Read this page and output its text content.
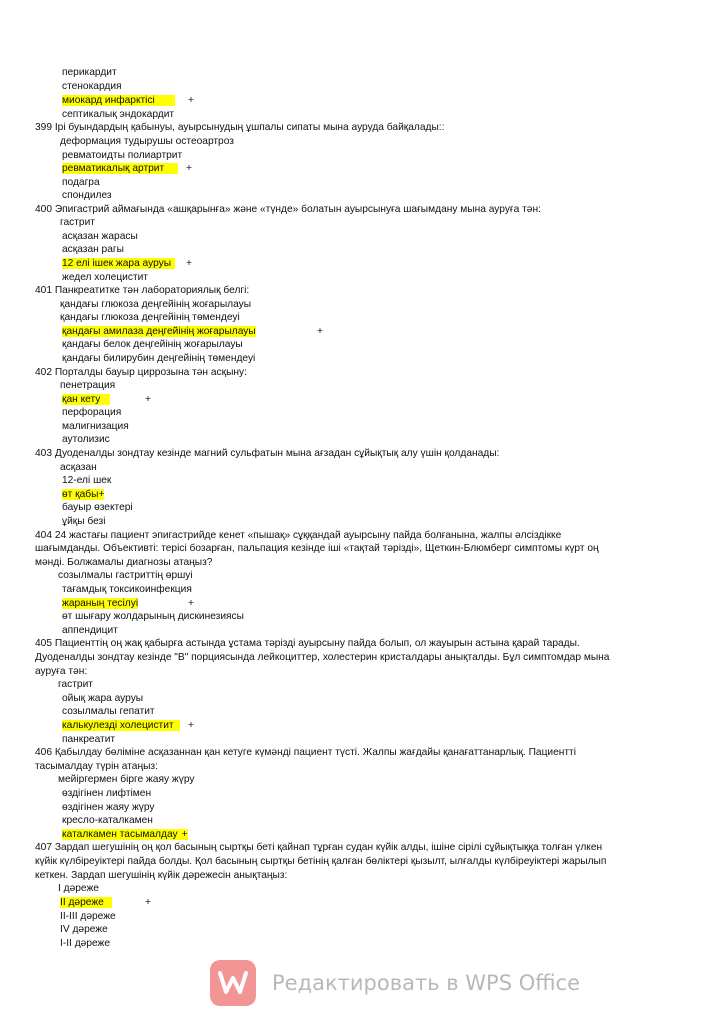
перикардит
стенокардия
миокард инфарктісі	+
септикалық эндокардит
399 Ірі буындардың қабынуы, ауырсынудың ұшпалы сипаты мына ауруда байқалады::
деформация тудырушы остеоартроз
ревматоидты полиартрит
ревматикалық артрит	+
подагра
спондилез
400 Эпигастрий аймағында «ашқарынға» және «түнде» болатын ауырсынуға шағымдану мына ауруға тән:
гастрит
асқазан жарасы
асқазан рагы
12 елі ішек жара ауруы	+
жедел холецистит
401 Панкреатитке тән лабораториялық белгі:
қандағы глюкоза деңгейінің жоғарылауы
қандағы глюкоза деңгейінің төмендеуі
қандағы амилаза деңгейінің жоғарылауы	+
қандағы белок деңгейінің жоғарылауы
қандағы билирубин деңгейінің төмендеуі
402 Порталды бауыр циррозына тән асқыну:
пенетрация
қан кету	+
перфорация
малигнизация
аутолизис
403 Дуоденалды зондтау кезінде магний сульфатын мына ағзадан сұйықтық алу үшін қолданады:
асқазан
12-елі шек
өт қабы+
бауыр өзектері
ұйқы безі
404 24 жастағы пациент эпигастрийде кенет «пышақ» сұққандай ауырсыну пайда болғанына, жалпы әлсіздікке
шағымданды. Объективті: терісі бозарған, пальпация кезінде іші «тақтай тәрізді», Щеткин-Блюмберг симптомы күрт оң
мәнді. Болжамалы диагнозы атаңыз?
созылмалы гастриттің өршуі
тағамдық токсикоинфекция
жараның тесілуі	+
өт шығару жолдарының дискинезиясы
аппендицит
405 Пациенттің оң жақ қабырға астында ұстама тәрізді ауырсыну пайда болып, ол жауырын астына қарай тарады.
Дуоденалды зондтау кезінде "В" порциясында лейкоциттер, холестерин кристалдары анықталды. Бұл симптомдар мына
ауруға тән:
гастрит
ойық жара ауруы
созылмалы гепатит
калькулезді холецистит	+
панкреатит
406 Қабылдау бөліміне асқазаннан қан кетуге күмәнді пациент түсті. Жалпы жағдайы қанағаттанарлық. Пациентті
тасымалдау түрін атаңыз:
мейіргермен бірге жаяу жүру
өздігінен лифтімен
өздігінен жаяу жүру
кресло-каталкамен
каталкамен тасымалдау +
407 Зардап шегушінің оң қол басының сыртқы беті қайнап тұрған судан күйік алды, ішіне сірілі сұйықтыққа толған үлкен
күйік күлбіреуіктері пайда болды. Қол басының сыртқы бетінің қалған бөліктері қызылт, ылғалды күлбіреуіктері жарылып
кеткен. Зардап шегушінің күйік дәрежесін анықтаңыз:
І дәреже
ІІ дәреже	+
ІІ-ІІІ дәреже
ІV дәреже
І-ІІ дәреже
Редактировать в WPS Office
